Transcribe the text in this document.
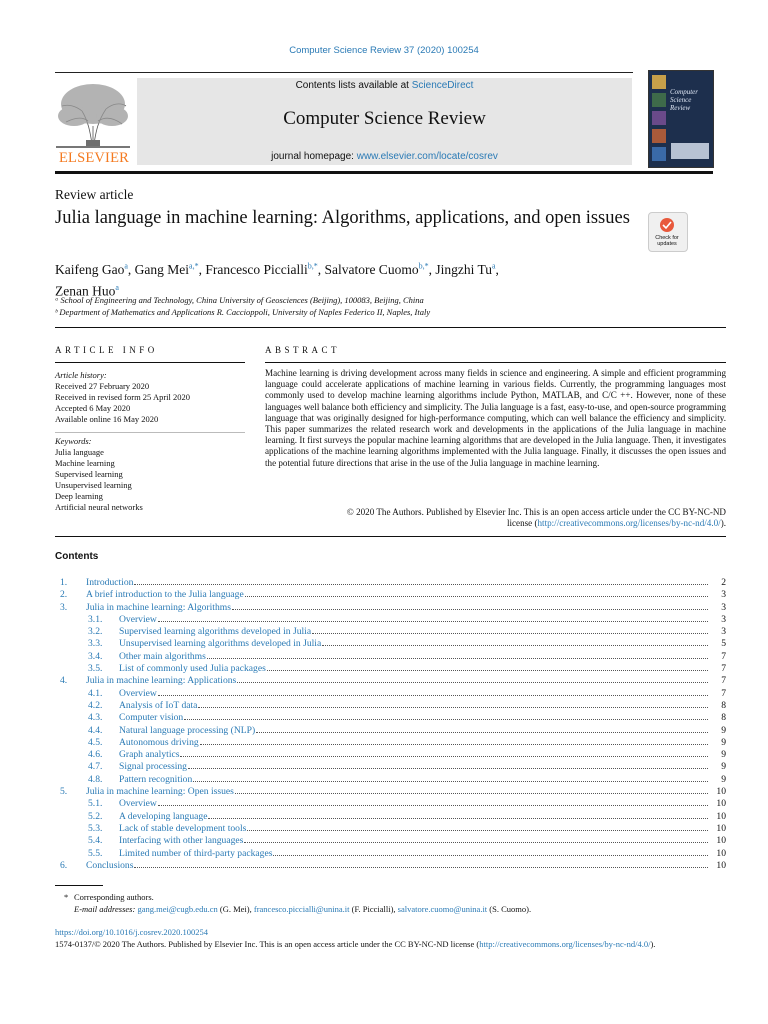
Computer Science Review 37 (2020) 100254
ELSEVIER
Contents lists available at ScienceDirect
Computer Science Review
journal homepage: www.elsevier.com/locate/cosrev
Computer Science Review
Review article
Julia language in machine learning: Algorithms, applications, and open issues
Check for updates
Kaifeng Gao$^a$, Gang Mei$^{a,*}$, Francesco Piccialli$^{b,*}$, Salvatore Cuomo$^{b,*}$, Jingzhi Tu$^a$,
Zenan Huo$^a$
ᵃ School of Engineering and Technology, China University of Geosciences (Beijing), 100083, Beijing, China
ᵇ Department of Mathematics and Applications R. Caccioppoli, University of Naples Federico II, Naples, Italy
ARTICLE INFO
Article history:
Received 27 February 2020
Received in revised form 25 April 2020
Accepted 6 May 2020
Available online 16 May 2020
Keywords:
Julia language
Machine learning
Supervised learning
Unsupervised learning
Deep learning
Artificial neural networks
ABSTRACT
Machine learning is driving development across many fields in science and engineering. A simple and efficient programming language could accelerate applications of machine learning in various fields. Currently, the programming languages most commonly used to develop machine learning algorithms include Python, MATLAB, and C/C ++. However, none of these languages well balance both efficiency and simplicity. The Julia language is a fast, easy-to-use, and open-source programming language that was originally designed for high-performance computing, which can well balance the efficiency and simplicity. This paper summarizes the related research work and developments in the applications of the Julia language in machine learning. It first surveys the popular machine learning algorithms that are developed in the Julia language. Then, it investigates applications of the machine learning algorithms implemented with the Julia language. Finally, it discusses the open issues and the potential future directions that arise in the use of the Julia language in machine learning.
© 2020 The Authors. Published by Elsevier Inc. This is an open access article under the CC BY-NC-ND
license (http://creativecommons.org/licenses/by-nc-nd/4.0/).
Contents
1.	Introduction	2
2.	A brief introduction to the Julia language	3
3.	Julia in machine learning: Algorithms	3
3.1.	Overview	3
3.2.	Supervised learning algorithms developed in Julia	3
3.3.	Unsupervised learning algorithms developed in Julia	5
3.4.	Other main algorithms	7
3.5.	List of commonly used Julia packages	7
4.	Julia in machine learning: Applications	7
4.1.	Overview	7
4.2.	Analysis of IoT data	8
4.3.	Computer vision	8
4.4.	Natural language processing (NLP)	9
4.5.	Autonomous driving	9
4.6.	Graph analytics	9
4.7.	Signal processing	9
4.8.	Pattern recognition	9
5.	Julia in machine learning: Open issues	10
5.1.	Overview	10
5.2.	A developing language	10
5.3.	Lack of stable development tools	10
5.4.	Interfacing with other languages	10
5.5.	Limited number of third-party packages	10
6.	Conclusions	10
* Corresponding authors.
E-mail addresses: gang.mei@cugb.edu.cn (G. Mei), francesco.piccialli@unina.it (F. Piccialli), salvatore.cuomo@unina.it (S. Cuomo).
https://doi.org/10.1016/j.cosrev.2020.100254
1574-0137/© 2020 The Authors. Published by Elsevier Inc. This is an open access article under the CC BY-NC-ND license (http://creativecommons.org/licenses/by-nc-nd/4.0/).
